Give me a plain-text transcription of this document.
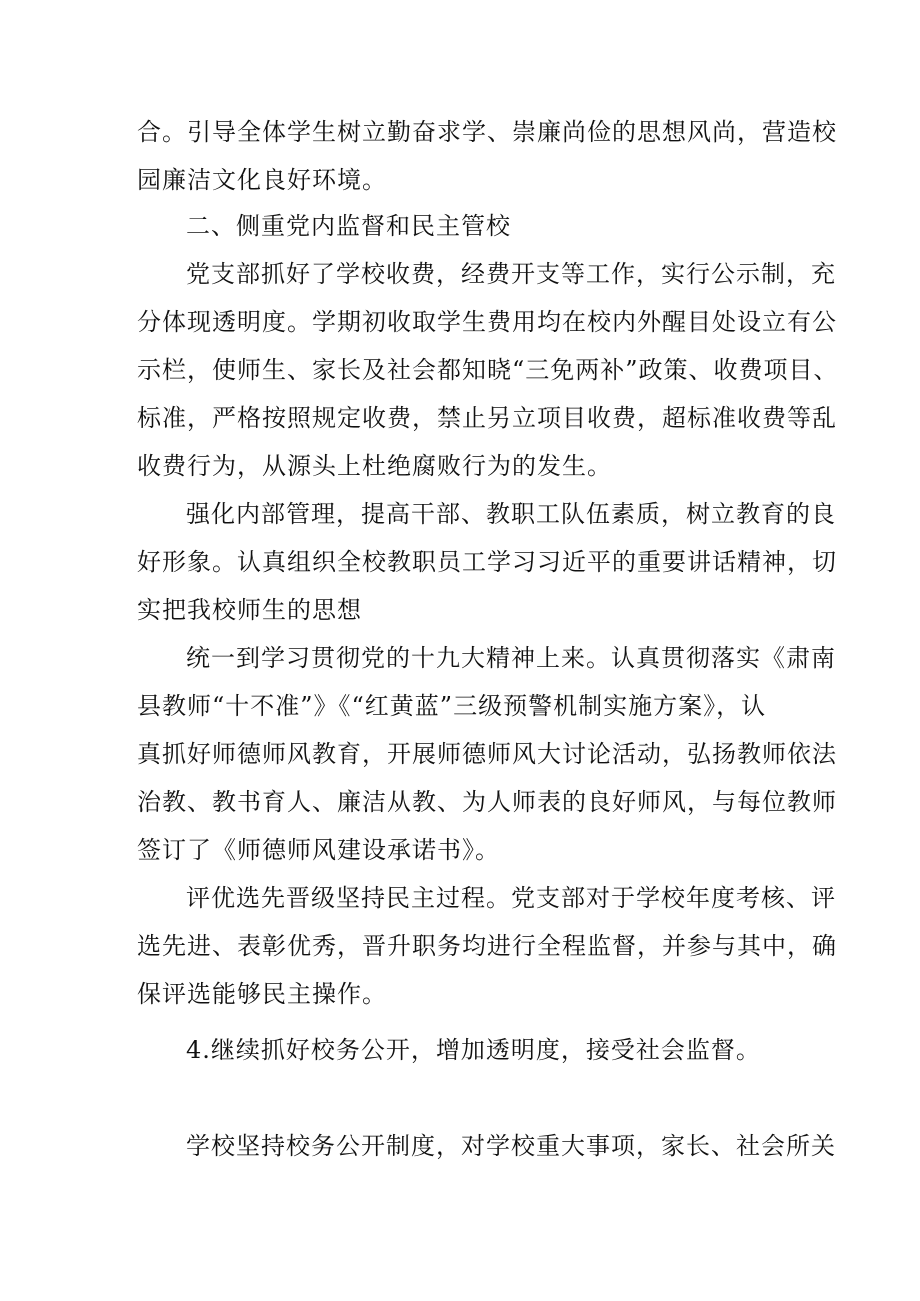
合。引导全体学生树立勤奋求学、崇廉尚俭的思想风尚，营造校

园廉洁文化良好环境。

二、侧重党内监督和民主管校

党支部抓好了学校收费，经费开支等工作，实行公示制，充

分体现透明度。学期初收取学生费用均在校内外醒目处设立有公

示栏，使师生、家长及社会都知晓“三免两补”政策、收费项目、

标准，严格按照规定收费，禁止另立项目收费，超标准收费等乱

收费行为，从源头上杜绝腐败行为的发生。

强化内部管理，提高干部、教职工队伍素质，树立教育的良

好形象。认真组织全校教职员工学习习近平的重要讲话精神，切

实把我校师生的思想

统一到学习贯彻党的十九大精神上来。认真贯彻落实《肃南

县教师“十不准”》《“红黄蓝”三级预警机制实施方案》，认

真抓好师德师风教育，开展师德师风大讨论活动，弘扬教师依法

治教、教书育人、廉洁从教、为人师表的良好师风，与每位教师

签订了《师德师风建设承诺书》。

评优选先晋级坚持民主过程。党支部对于学校年度考核、评

选先进、表彰优秀，晋升职务均进行全程监督，并参与其中，确

保评选能够民主操作。

4.继续抓好校务公开，增加透明度，接受社会监督。

学校坚持校务公开制度，对学校重大事项，家长、社会所关
